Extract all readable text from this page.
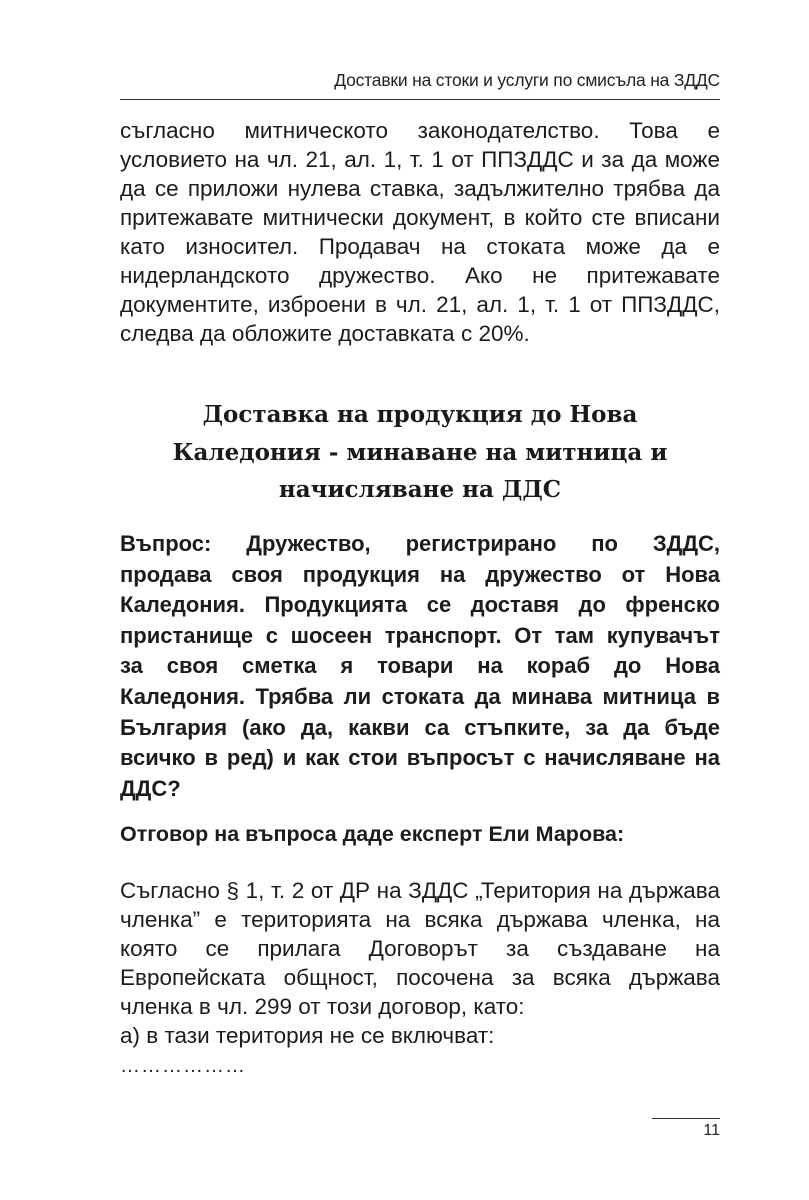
Доставки на стоки и услуги по смисъла на ЗДДС
съгласно митническото законодателство. Това е
условието на чл. 21, ал. 1, т. 1 от ППЗДДС и за да може
да се приложи нулева ставка, задължително трябва да
притежавате митнически документ, в който сте вписани
като износител. Продавач на стоката може да е
нидерландското дружество. Ако не притежавате
документите, изброени в чл. 21, ал. 1, т. 1 от ППЗДДС,
следва да обложите доставката с 20%.
Доставка на продукция до Нова
Каледония - минаване на митница и
начисляване на ДДС
Въпрос: Дружество, регистрирано по ЗДДС,
продава своя продукция на дружество от Нова
Каледония. Продукцията се доставя до френско
пристанище с шосеен транспорт. От там купувачът
за своя сметка я товари на кораб до Нова
Каледония. Трябва ли стоката да минава митница в
България (ако да, какви са стъпките, за да бъде
всичко в ред) и как стои въпросът с начисляване на
ДДС?
Отговор на въпроса даде експерт Ели Марова:
Съгласно § 1, т. 2 от ДР на ЗДДС „Територия на държава
членка” е територията на всяка държава членка, на
която се прилага Договорът за създаване на
Европейската общност, посочена за всяка държава
членка в чл. 299 от този договор, като:
а) в тази територия не се включват:
………………
11
